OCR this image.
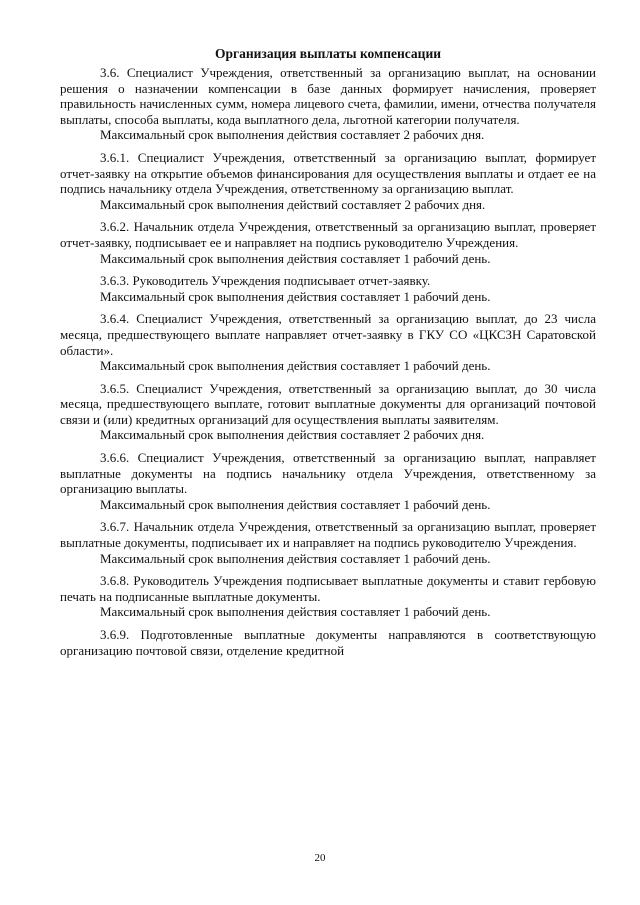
Организация выплаты компенсации

3.6. Специалист Учреждения, ответственный за организацию выплат, на основании решения о назначении компенсации в базе данных формирует начисления, проверяет правильность начисленных сумм, номера лицевого счета, фамилии, имени, отчества получателя выплаты, способа выплаты, кода выплатного дела, льготной категории получателя.

Максимальный срок выполнения действия составляет 2 рабочих дня.

3.6.1. Специалист Учреждения, ответственный за организацию выплат, формирует отчет-заявку на открытие объемов финансирования для осуществления выплаты и отдает ее на подпись начальнику отдела Учреждения, ответственному за организацию выплат.

Максимальный срок выполнения действий составляет 2 рабочих дня.

3.6.2. Начальник отдела Учреждения, ответственный за организацию выплат, проверяет отчет-заявку, подписывает ее и направляет на подпись руководителю Учреждения.

Максимальный срок выполнения действия составляет 1 рабочий день.

3.6.3. Руководитель Учреждения подписывает отчет-заявку.

Максимальный срок выполнения действия составляет 1 рабочий день.

3.6.4. Специалист Учреждения, ответственный за организацию выплат, до 23 числа месяца, предшествующего выплате направляет отчет-заявку в ГКУ СО «ЦКСЗН Саратовской области».

Максимальный срок выполнения действия составляет 1 рабочий день.

3.6.5. Специалист Учреждения, ответственный за организацию выплат, до 30 числа месяца, предшествующего выплате, готовит выплатные документы для организаций почтовой связи и (или) кредитных организаций для осуществления выплаты заявителям.

Максимальный срок выполнения действия составляет 2 рабочих дня.

3.6.6. Специалист Учреждения, ответственный за организацию выплат, направляет выплатные документы на подпись начальнику отдела Учреждения, ответственному за организацию выплаты.

Максимальный срок выполнения действия составляет 1 рабочий день.

3.6.7. Начальник отдела Учреждения, ответственный за организацию выплат, проверяет выплатные документы, подписывает их и направляет на подпись руководителю Учреждения.

Максимальный срок выполнения действия составляет 1 рабочий день.

3.6.8. Руководитель Учреждения подписывает выплатные документы и ставит гербовую печать на подписанные выплатные документы.

Максимальный срок выполнения действия составляет 1 рабочий день.

3.6.9. Подготовленные выплатные документы направляются в соответствующую организацию почтовой связи, отделение кредитной

20
